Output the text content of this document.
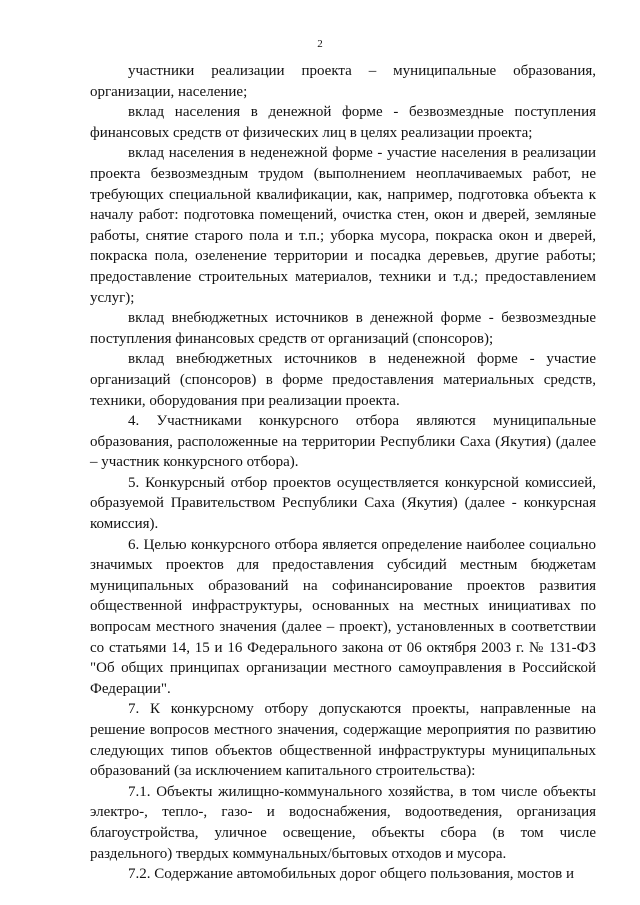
2

участники реализации проекта – муниципальные образования, организации, население;

вклад населения в денежной форме - безвозмездные поступления финансовых средств от физических лиц в целях реализации проекта;

вклад населения в неденежной форме - участие населения в реализации проекта безвозмездным трудом (выполнением неоплачиваемых работ, не требующих специальной квалификации, как, например, подготовка объекта к началу работ: подготовка помещений, очистка стен, окон и дверей, земляные работы, снятие старого пола и т.п.; уборка мусора, покраска окон и дверей, покраска пола, озеленение территории и посадка деревьев, другие работы; предоставление строительных материалов, техники и т.д.; предоставлением услуг);

вклад внебюджетных источников в денежной форме - безвозмездные поступления финансовых средств от организаций (спонсоров);

вклад внебюджетных источников в неденежной форме - участие организаций (спонсоров) в форме предоставления материальных средств, техники, оборудования при реализации проекта.

4. Участниками конкурсного отбора являются муниципальные образования, расположенные на территории Республики Саха (Якутия) (далее – участник конкурсного отбора).

5. Конкурсный отбор проектов осуществляется конкурсной комиссией, образуемой Правительством Республики Саха (Якутия) (далее - конкурсная комиссия).

6. Целью конкурсного отбора является определение наиболее социально значимых проектов для предоставления субсидий местным бюджетам муниципальных образований на софинансирование проектов развития общественной инфраструктуры, основанных на местных инициативах по вопросам местного значения (далее – проект), установленных в соответствии со статьями 14, 15 и 16 Федерального закона от 06 октября 2003 г. № 131-ФЗ "Об общих принципах организации местного самоуправления в Российской Федерации".

7. К конкурсному отбору допускаются проекты, направленные на решение вопросов местного значения, содержащие мероприятия по развитию следующих типов объектов общественной инфраструктуры муниципальных образований (за исключением капитального строительства):

7.1. Объекты жилищно-коммунального хозяйства, в том числе объекты электро-, тепло-, газо- и водоснабжения, водоотведения, организация благоустройства, уличное освещение, объекты сбора (в том числе раздельного) твердых коммунальных/бытовых отходов и мусора.

7.2. Содержание автомобильных дорог общего пользования, мостов и
